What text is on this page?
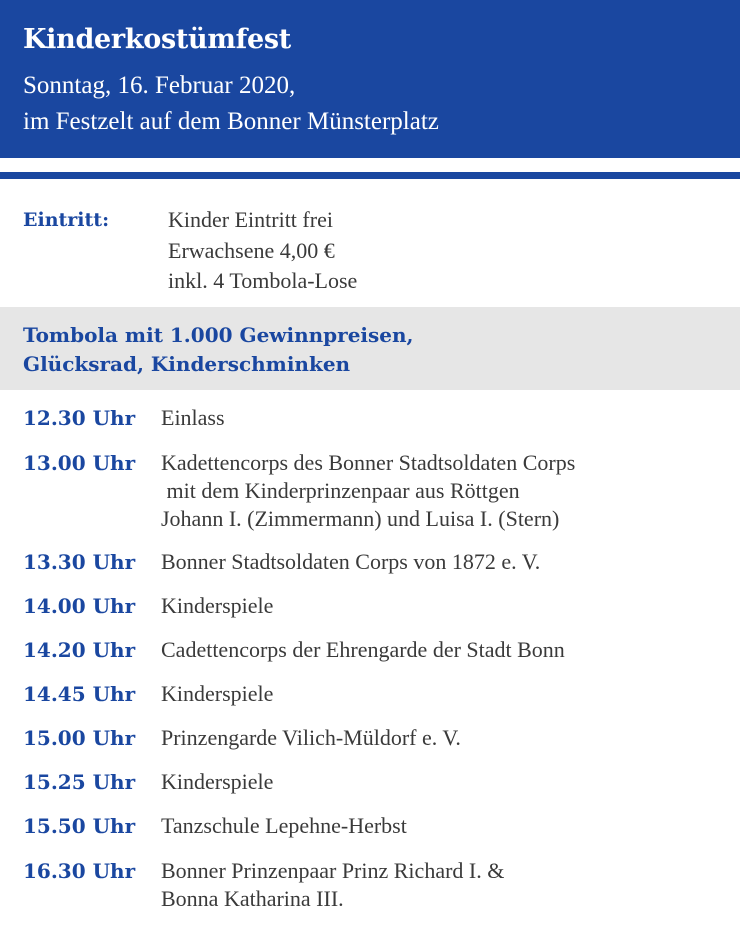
Kinderkostümfest
Sonntag, 16. Februar 2020,
im Festzelt auf dem Bonner Münsterplatz
Eintritt:	Kinder Eintritt frei
Erwachsene 4,00 €
inkl. 4 Tombola-Lose
Tombola mit 1.000 Gewinnpreisen,
Glücksrad, Kinderschminken
12.30 Uhr Einlass
13.00 Uhr Kadettencorps des Bonner Stadtsoldaten Corps
mit dem Kinderprinzenpaar aus Röttgen
Johann I. (Zimmermann) und Luisa I. (Stern)
13.30 Uhr Bonner Stadtsoldaten Corps von 1872 e. V.
14.00 Uhr Kinderspiele
14.20 Uhr Cadettencorps der Ehrengarde der Stadt Bonn
14.45 Uhr Kinderspiele
15.00 Uhr Prinzengarde Vilich-Müldorf e. V.
15.25 Uhr Kinderspiele
15.50 Uhr Tanzschule Lepehne-Herbst
16.30 Uhr Bonner Prinzenpaar Prinz Richard I. &
Bonna Katharina III.
